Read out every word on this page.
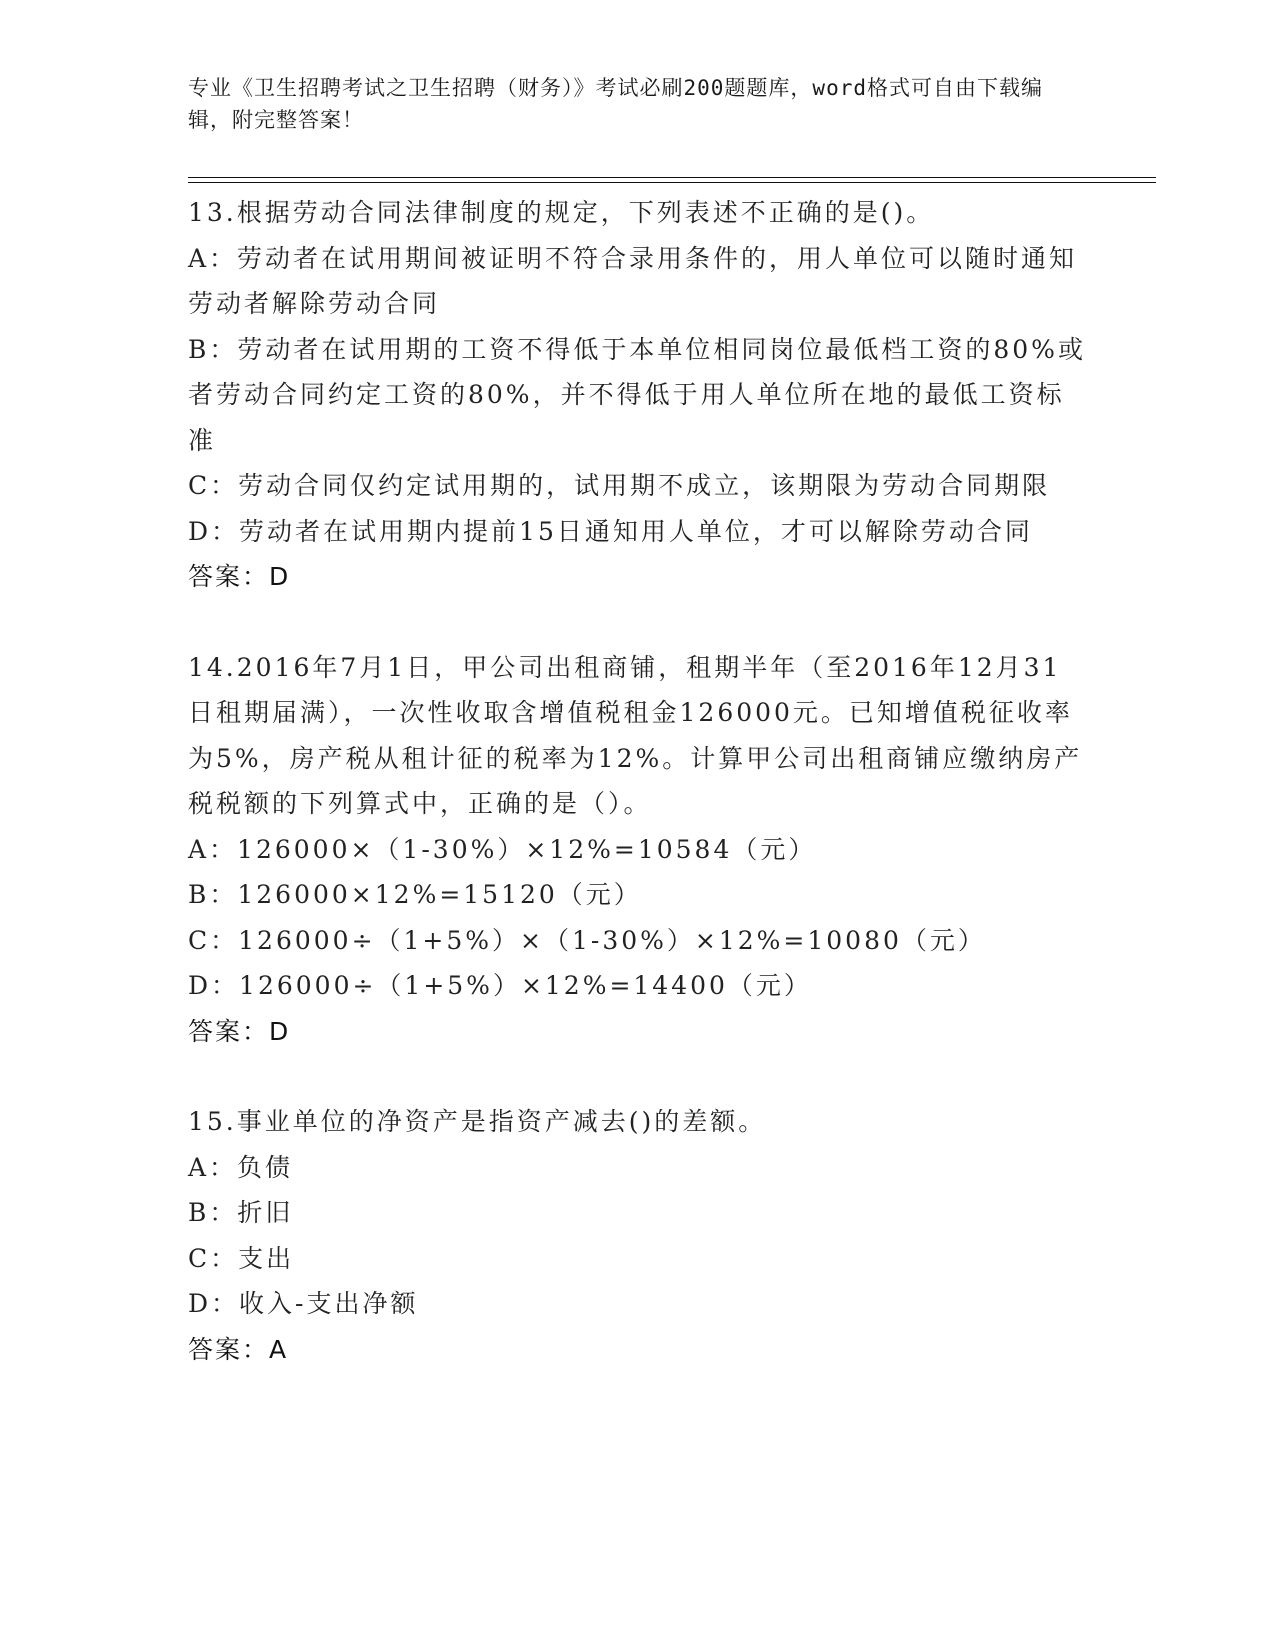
专业《卫生招聘考试之卫生招聘（财务）》考试必刷200题题库，word格式可自由下载编辑，附完整答案！
13.根据劳动合同法律制度的规定，下列表述不正确的是()。
A：劳动者在试用期间被证明不符合录用条件的，用人单位可以随时通知劳动者解除劳动合同
B：劳动者在试用期的工资不得低于本单位相同岗位最低档工资的80%或者劳动合同约定工资的80%，并不得低于用人单位所在地的最低工资标准
C：劳动合同仅约定试用期的，试用期不成立，该期限为劳动合同期限
D：劳动者在试用期内提前15日通知用人单位，才可以解除劳动合同
答案：D
14.2016年7月1日，甲公司出租商铺，租期半年（至2016年12月31日租期届满），一次性收取含增值税租金126000元。已知增值税征收率为5%，房产税从租计征的税率为12%。计算甲公司出租商铺应缴纳房产税税额的下列算式中，正确的是（）。
A：126000×（1-30%）×12%=10584（元）
B：126000×12%=15120（元）
C：126000÷（1+5%）×（1-30%）×12%=10080（元）
D：126000÷（1+5%）×12%=14400（元）
答案：D
15.事业单位的净资产是指资产减去()的差额。
A：负债
B：折旧
C：支出
D：收入-支出净额
答案：A
